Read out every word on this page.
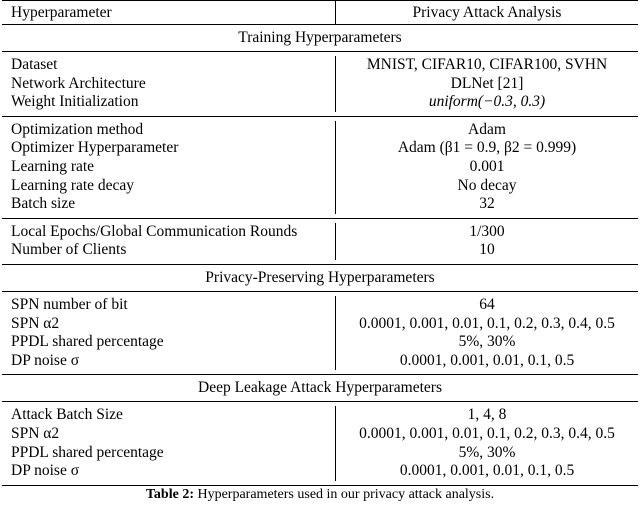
Hyperparameter	Privacy Attack Analysis
Training Hyperparameters
Dataset
Network Architecture
Weight Initialization
MNIST, CIFAR10, CIFAR100, SVHN
DLNet [21]
uniform(−0.3, 0.3)
Optimization method
Optimizer Hyperparameter
Learning rate
Learning rate decay
Batch size
Adam
Adam (β1 = 0.9, β2 = 0.999)
0.001
No decay
32
Local Epochs/Global Communication Rounds
Number of Clients
1/300
10
Privacy-Preserving Hyperparameters
SPN number of bit
SPN α2
PPDL shared percentage
DP noise σ
64
0.0001, 0.001, 0.01, 0.1, 0.2, 0.3, 0.4, 0.5
5%, 30%
0.0001, 0.001, 0.01, 0.1, 0.5
Deep Leakage Attack Hyperparameters
Attack Batch Size
SPN α2
PPDL shared percentage
DP noise σ
1, 4, 8
0.0001, 0.001, 0.01, 0.1, 0.2, 0.3, 0.4, 0.5
5%, 30%
0.0001, 0.001, 0.01, 0.1, 0.5
Table 2: Hyperparameters used in our privacy attack analysis.
